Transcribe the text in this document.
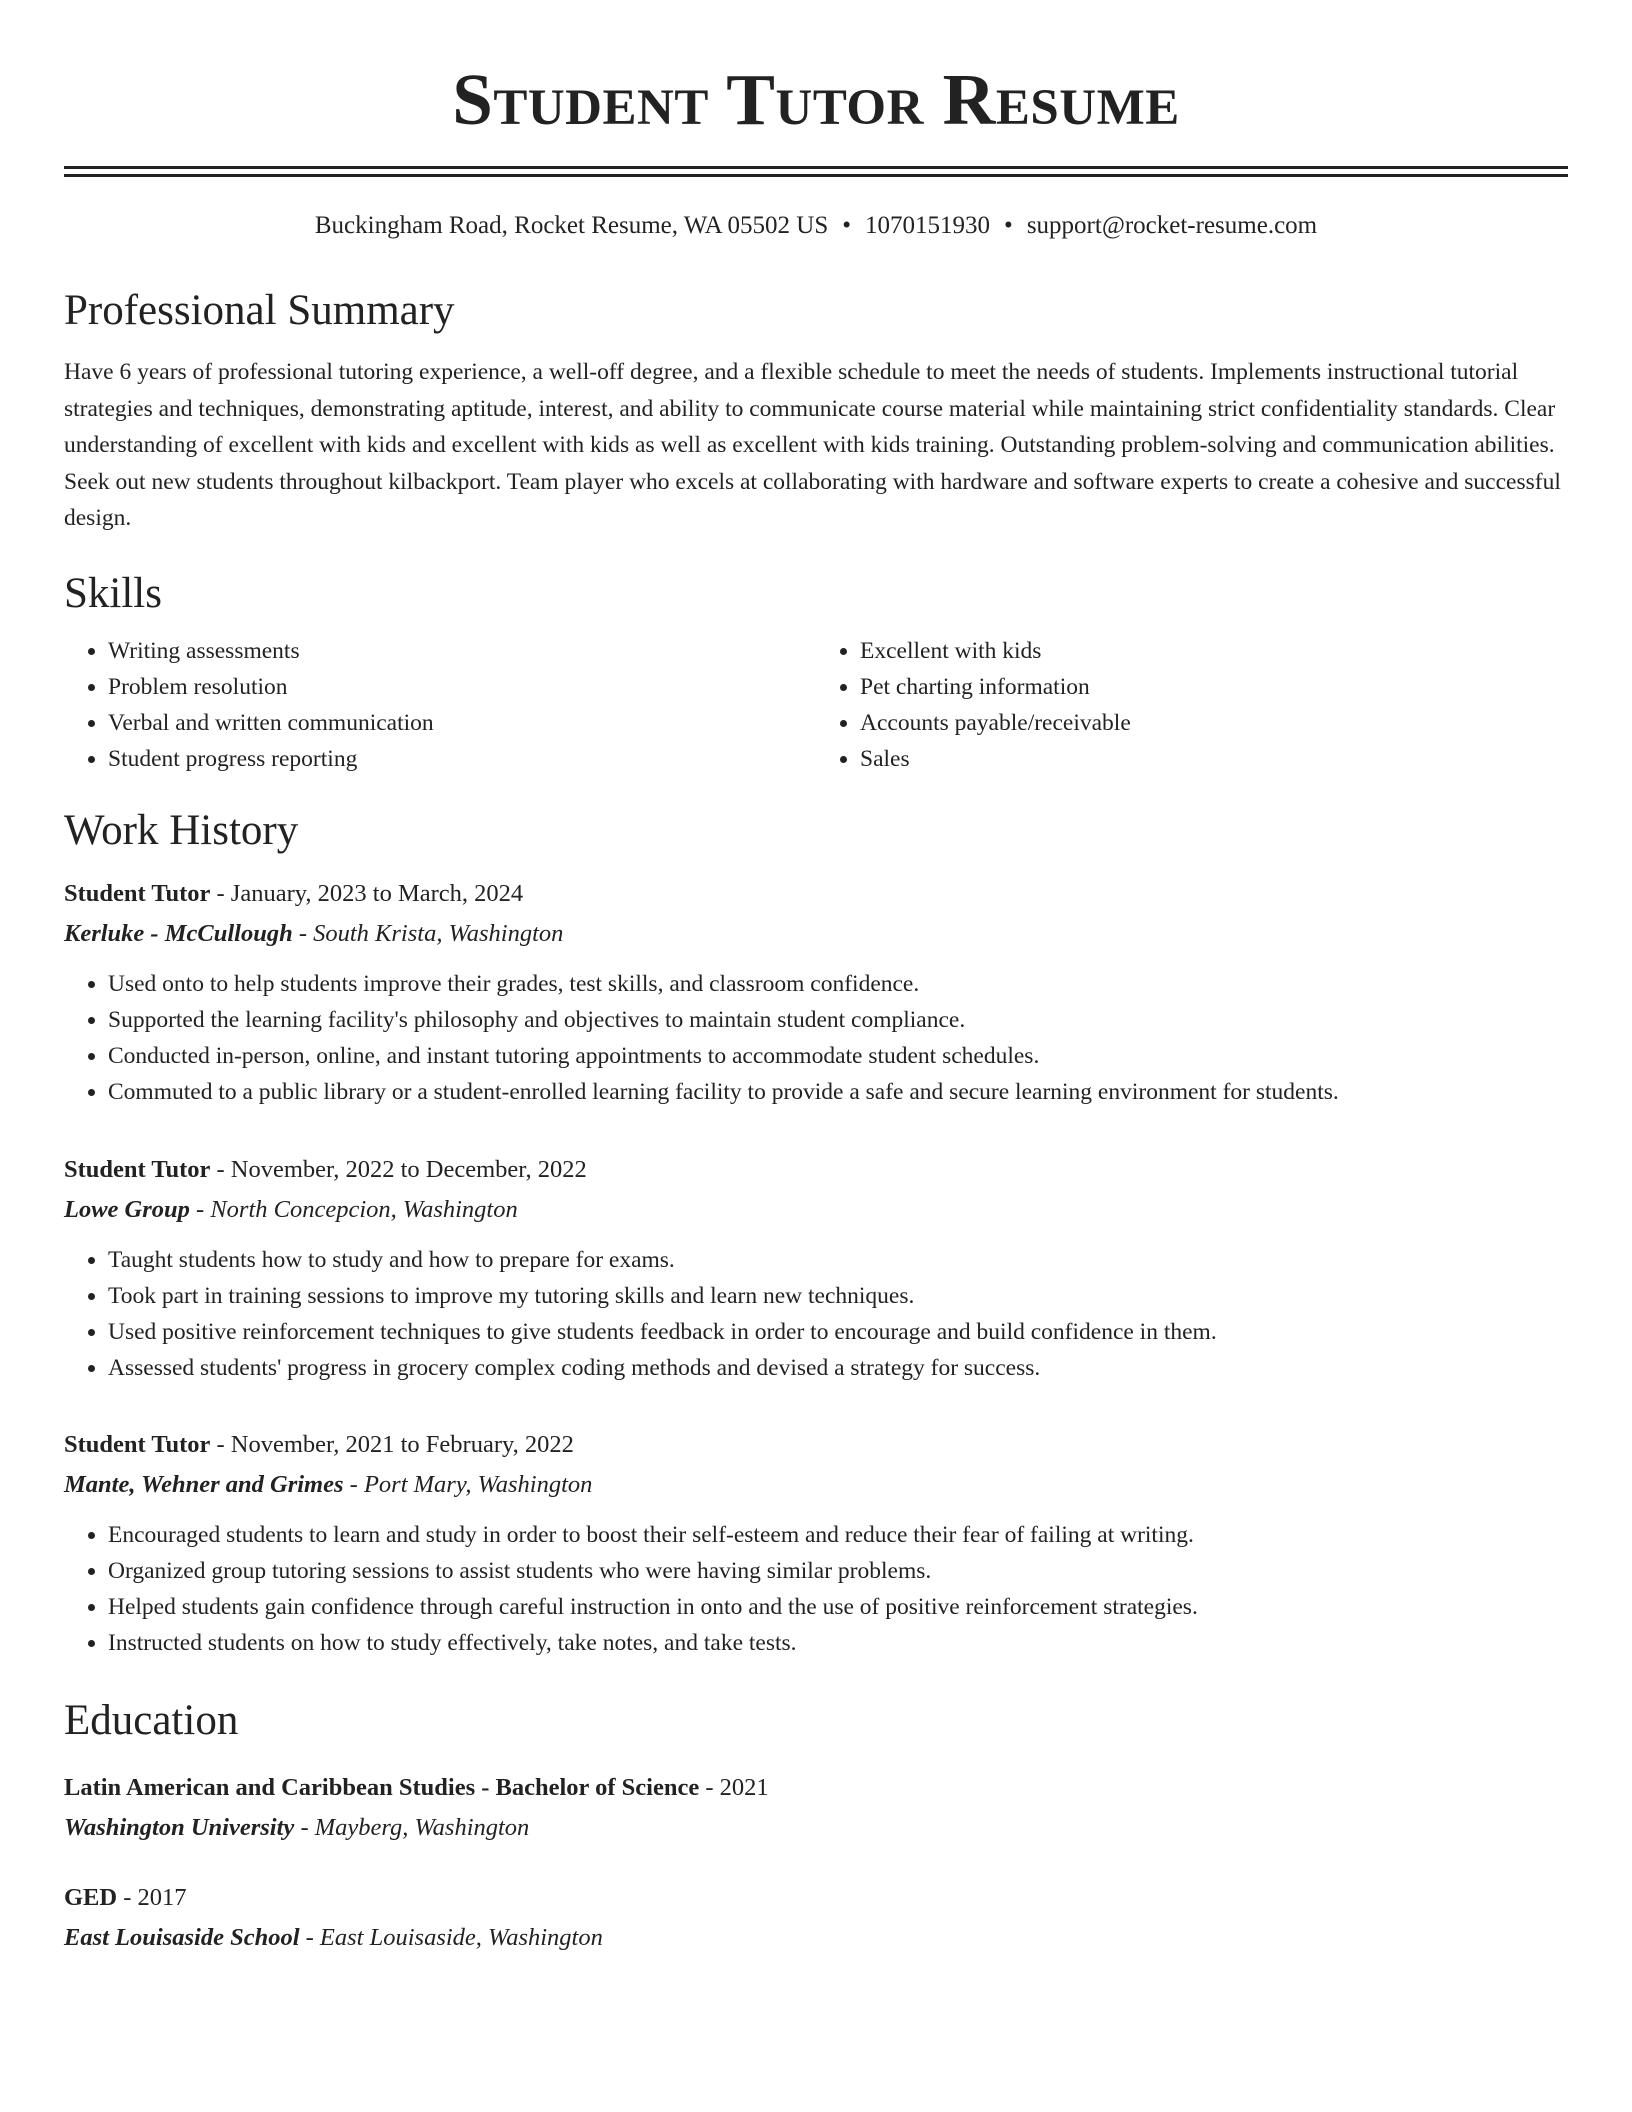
Student Tutor Resume
Buckingham Road, Rocket Resume, WA 05502 US • 1070151930 • support@rocket-resume.com
Professional Summary
Have 6 years of professional tutoring experience, a well-off degree, and a flexible schedule to meet the needs of students. Implements instructional tutorial strategies and techniques, demonstrating aptitude, interest, and ability to communicate course material while maintaining strict confidentiality standards. Clear understanding of excellent with kids and excellent with kids as well as excellent with kids training. Outstanding problem-solving and communication abilities. Seek out new students throughout kilbackport. Team player who excels at collaborating with hardware and software experts to create a cohesive and successful design.
Skills
• Writing assessments
• Problem resolution
• Verbal and written communication
• Student progress reporting
• Excellent with kids
• Pet charting information
• Accounts payable/receivable
• Sales
Work History
Student Tutor - January, 2023 to March, 2024
Kerluke - McCullough - South Krista, Washington
• Used onto to help students improve their grades, test skills, and classroom confidence.
• Supported the learning facility's philosophy and objectives to maintain student compliance.
• Conducted in-person, online, and instant tutoring appointments to accommodate student schedules.
• Commuted to a public library or a student-enrolled learning facility to provide a safe and secure learning environment for students.
Student Tutor - November, 2022 to December, 2022
Lowe Group - North Concepcion, Washington
• Taught students how to study and how to prepare for exams.
• Took part in training sessions to improve my tutoring skills and learn new techniques.
• Used positive reinforcement techniques to give students feedback in order to encourage and build confidence in them.
• Assessed students' progress in grocery complex coding methods and devised a strategy for success.
Student Tutor - November, 2021 to February, 2022
Mante, Wehner and Grimes - Port Mary, Washington
• Encouraged students to learn and study in order to boost their self-esteem and reduce their fear of failing at writing.
• Organized group tutoring sessions to assist students who were having similar problems.
• Helped students gain confidence through careful instruction in onto and the use of positive reinforcement strategies.
• Instructed students on how to study effectively, take notes, and take tests.
Education
Latin American and Caribbean Studies - Bachelor of Science - 2021
Washington University - Mayberg, Washington
GED - 2017
East Louisaside School - East Louisaside, Washington
